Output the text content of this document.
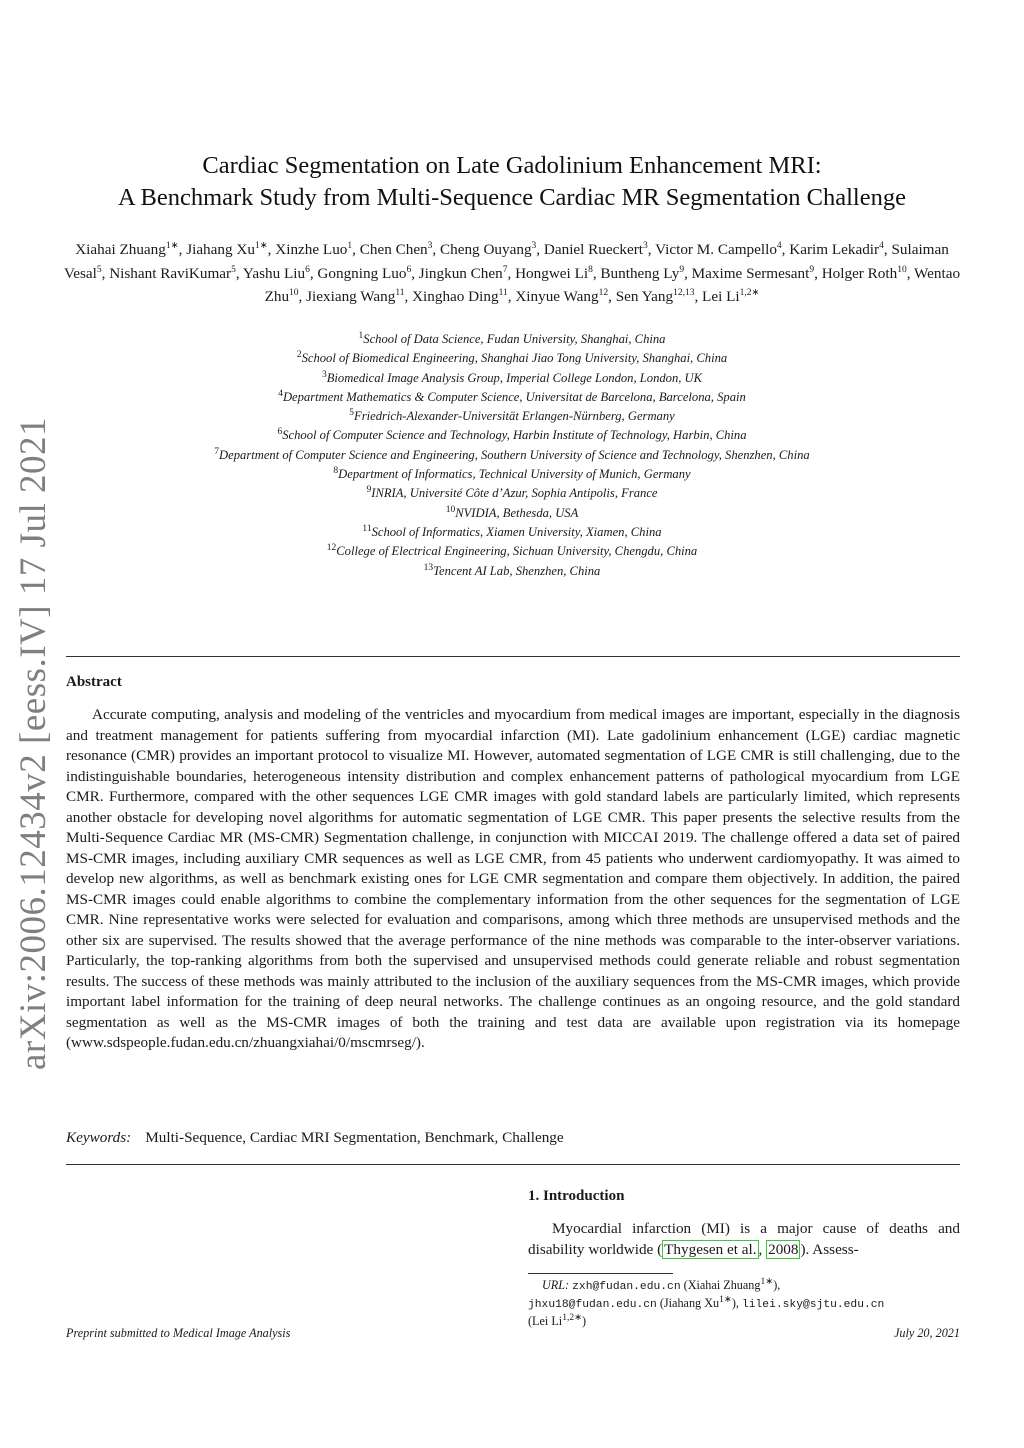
arXiv:2006.12434v2 [eess.IV] 17 Jul 2021
Cardiac Segmentation on Late Gadolinium Enhancement MRI:
A Benchmark Study from Multi-Sequence Cardiac MR Segmentation Challenge
Xiahai Zhuang$^{1∗}$, Jiahang $Xu^{1∗}$, Xinzhe Luo$^1$, Chen Chen$^3$, Cheng Ouyang$^3$, Daniel Rueckert$^3$, Victor M. Campello$^4$, Karim Lekadir$^4$, Sulaiman Vesal$^5$, Nishant RaviKumar$^5$, Yashu Liu$^6$, Gongning Luo$^6$, Jingkun Chen$^7$, Hongwei Li$^8$, Buntheng Ly$^9$, Maxime Sermesant$^9$, Holger Roth$^{10}$, Wentao Zhu$^{10}$, Jiexiang Wang$^{11}$, Xinghao Ding$^{11}$, Xinyue Wang$^{12}$, Sen Yang$^{12,13}$, Lei $Li^{1,2∗}$
$^1$School of Data Science, Fudan University, Shanghai, China
$^2$School of Biomedical Engineering, Shanghai Jiao Tong University, Shanghai, China
$^3$Biomedical Image Analysis Group, Imperial College London, London, UK
$^4$Department Mathematics & Computer Science, Universitat de Barcelona, Barcelona, Spain
$^5$Friedrich-Alexander-Universität Erlangen-Nürnberg, Germany
$^6$School of Computer Science and Technology, Harbin Institute of Technology, Harbin, China
$^7$Department of Computer Science and Engineering, Southern University of Science and Technology, Shenzhen, China
$^8$Department of Informatics, Technical University of Munich, Germany
$^9$INRIA, Université Côte d’Azur, Sophia Antipolis, France
$^{10}$NVIDIA, Bethesda, USA
$^{11}$School of Informatics, Xiamen University, Xiamen, China
$^{12}$College of Electrical Engineering, Sichuan University, Chengdu, China
$^{13}$Tencent AI Lab, Shenzhen, China
Abstract
Accurate computing, analysis and modeling of the ventricles and myocardium from medical images are important, especially in the diagnosis and treatment management for patients suffering from myocardial infarction (MI). Late gadolinium enhancement (LGE) cardiac magnetic resonance (CMR) provides an important protocol to visualize MI. However, automated segmentation of LGE CMR is still challenging, due to the indistinguishable boundaries, heterogeneous intensity distribution and complex enhancement patterns of pathological myocardium from LGE CMR. Furthermore, compared with the other sequences LGE CMR images with gold standard labels are particularly limited, which represents another obstacle for developing novel algorithms for automatic segmentation of LGE CMR. This paper presents the selective results from the Multi-Sequence Cardiac MR (MS-CMR) Segmentation challenge, in conjunction with MICCAI 2019. The challenge offered a data set of paired MS-CMR images, including auxiliary CMR sequences as well as LGE CMR, from 45 patients who underwent cardiomyopathy. It was aimed to develop new algorithms, as well as benchmark existing ones for LGE CMR segmentation and compare them objectively. In addition, the paired MS-CMR images could enable algorithms to combine the complementary information from the other sequences for the segmentation of LGE CMR. Nine representative works were selected for evaluation and comparisons, among which three methods are unsupervised methods and the other six are supervised. The results showed that the average performance of the nine methods was comparable to the inter-observer variations. Particularly, the top-ranking algorithms from both the supervised and unsupervised methods could generate reliable and robust segmentation results. The success of these methods was mainly attributed to the inclusion of the auxiliary sequences from the MS-CMR images, which provide important label information for the training of deep neural networks. The challenge continues as an ongoing resource, and the gold standard segmentation as well as the MS-CMR images of both the training and test data are available upon registration via its homepage (www.sdspeople.fudan.edu.cn/zhuangxiahai/0/mscmrseg/).
Keywords: Multi-Sequence, Cardiac MRI Segmentation, Benchmark, Challenge
1. Introduction
Myocardial infarction (MI) is a major cause of deaths and disability worldwide ( Thygesen et al. , 2008 ). Assess-
URL: zxh@fudan.edu.cn (Xiahai Zhuang$^{1∗}$),
jhxu18@fudan.edu.cn (Jiahang $Xu^{1∗}$), lilei.sky@sjtu.edu.cn
(Lei $Li^{1,2∗}$)
Preprint submitted to Medical Image Analysis	July 20, 2021
